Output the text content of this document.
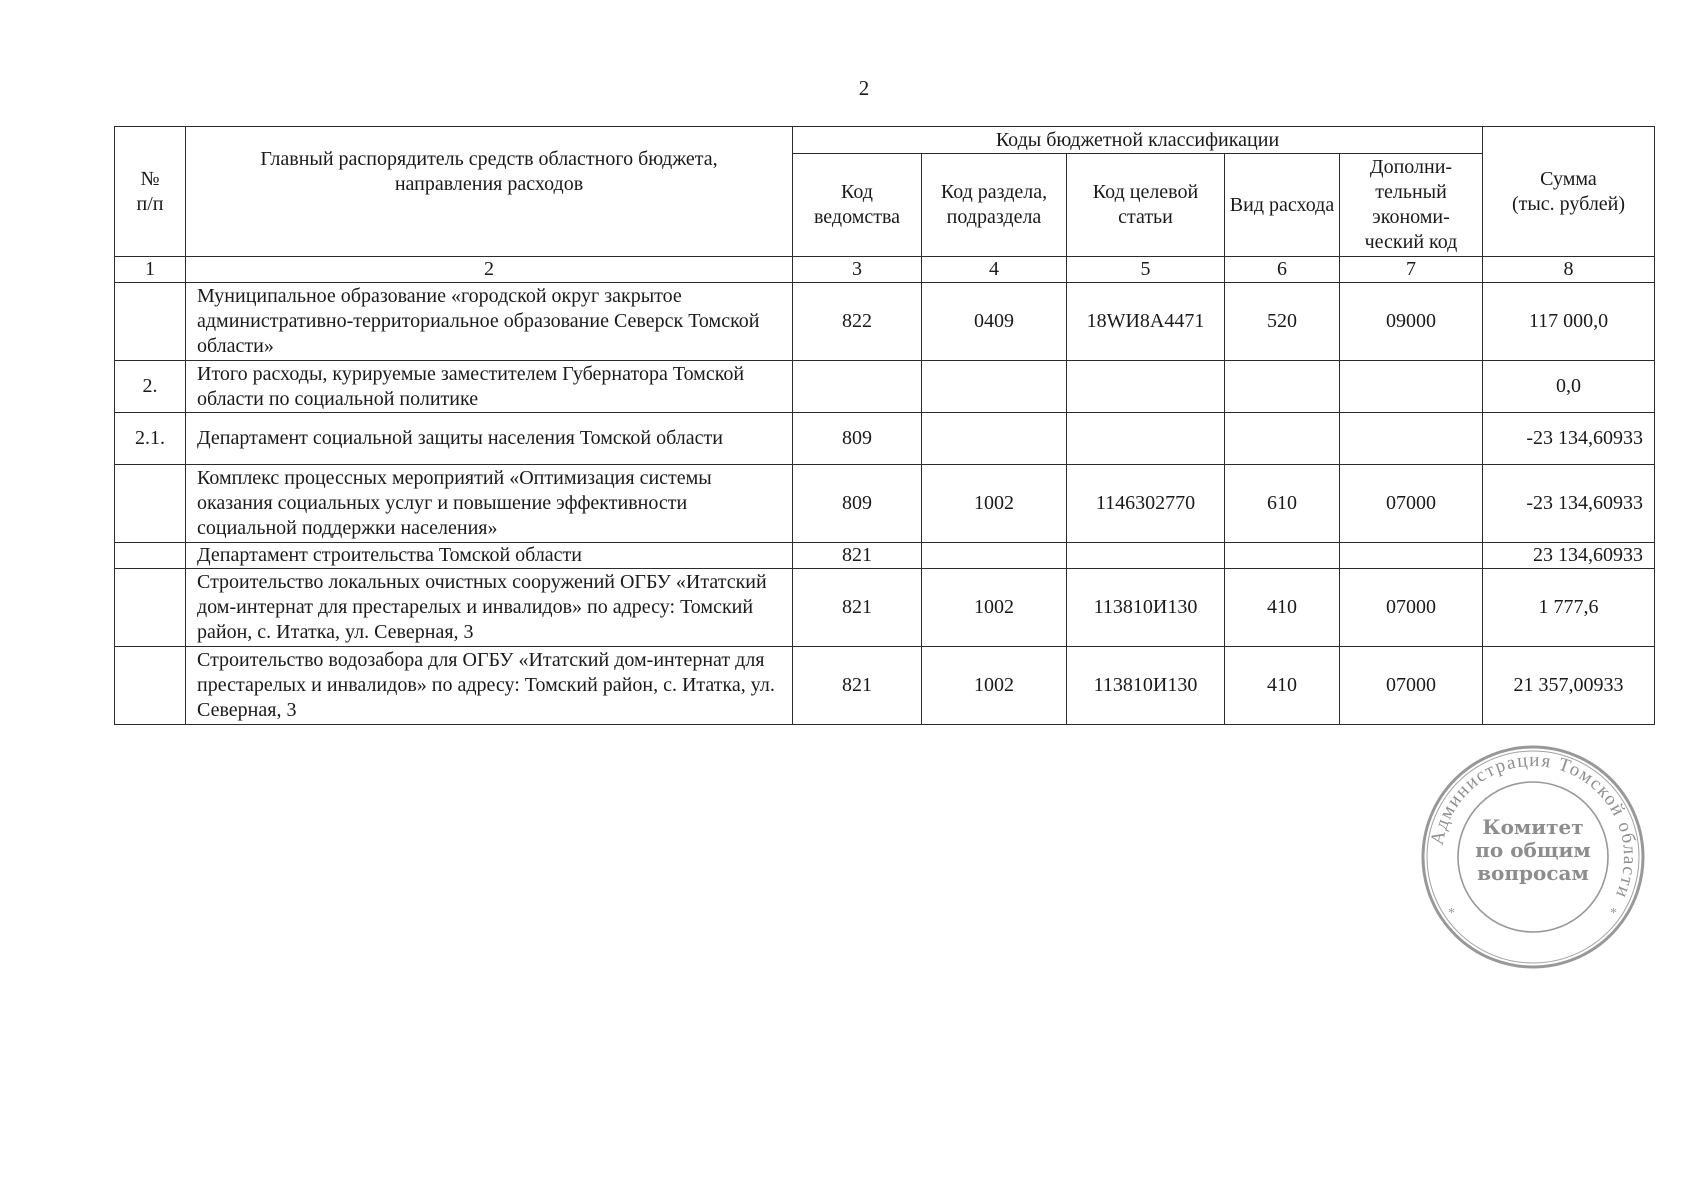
2
№
п/п	Главный распорядитель средств областного бюджета, направления расходов	Коды бюджетной классификации					Сумма
(тыс. рублей)
		Код ведомства	Код раздела, подраздела	Код целевой статьи	Вид расхода	Дополни-
тельный
экономи-
ческий код	
1	2	3	4	5	6	7	8
	Муниципальное образование «городской округ закрытое административно-территориальное образование Северск Томской области»	822	0409	18WИ8А4471	520	09000	117 000,0
2.	Итого расходы, курируемые заместителем Губернатора Томской области по социальной политике						0,0
2.1.	Департамент социальной защиты населения Томской области	809					-23 134,60933
	Комплекс процессных мероприятий «Оптимизация системы оказания социальных услуг и повышение эффективности социальной поддержки населения»	809	1002	1146302770	610	07000	-23 134,60933
	Департамент строительства Томской области	821					23 134,60933
	Строительство локальных очистных сооружений ОГБУ «Итатский дом-интернат для престарелых и инвалидов» по адресу: Томский район, с. Итатка, ул. Северная, 3	821	1002	113810И130	410	07000	1 777,6
	Строительство водозабора для ОГБУ «Итатский дом-интернат для престарелых и инвалидов» по адресу: Томский район, с. Итатка, ул. Северная, 3	821	1002	113810И130	410	07000	21 357,00933
Администрация Томской области
*	*
Комитет
по общим
вопросам
